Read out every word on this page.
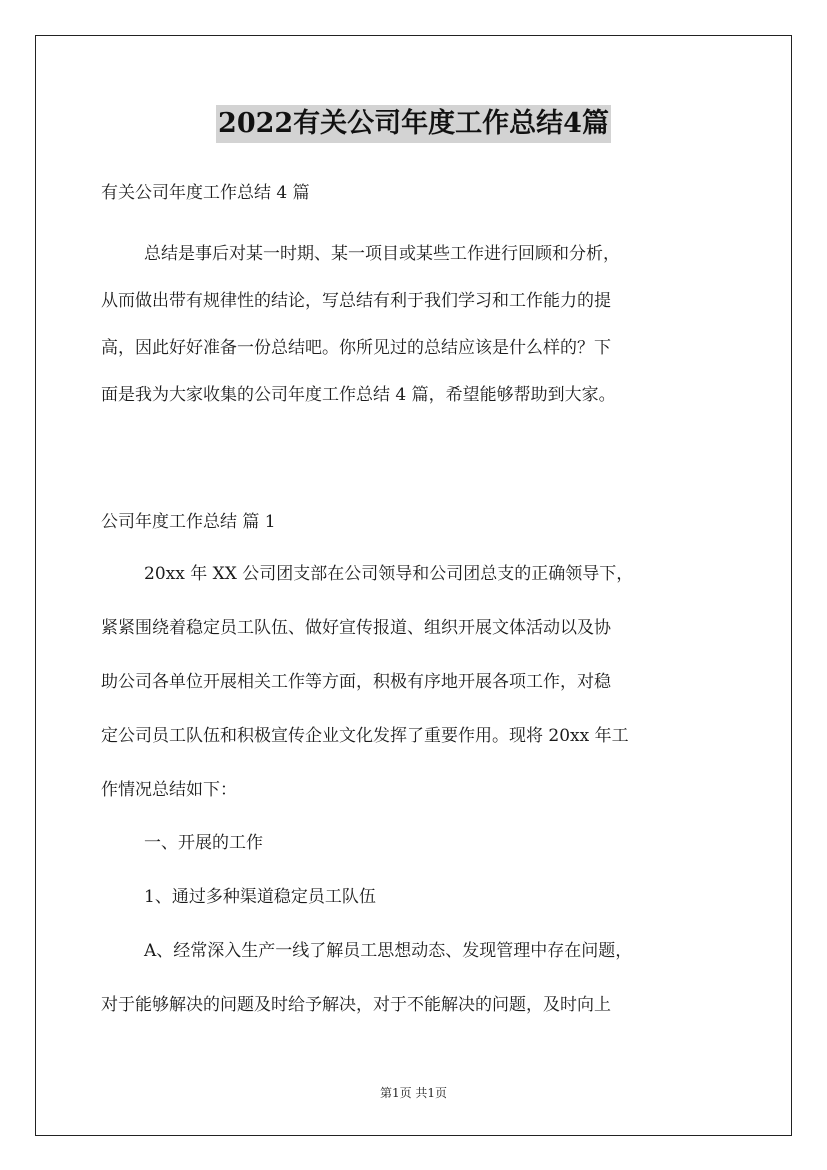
2022有关公司年度工作总结4篇
有关公司年度工作总结 4 篇
总结是事后对某一时期、某一项目或某些工作进行回顾和分析，
从而做出带有规律性的结论，写总结有利于我们学习和工作能力的提
高，因此好好准备一份总结吧。你所见过的总结应该是什么样的？下
面是我为大家收集的公司年度工作总结 4 篇，希望能够帮助到大家。
公司年度工作总结 篇 1
20xx 年 XX 公司团支部在公司领导和公司团总支的正确领导下，
紧紧围绕着稳定员工队伍、做好宣传报道、组织开展文体活动以及协
助公司各单位开展相关工作等方面，积极有序地开展各项工作，对稳
定公司员工队伍和积极宣传企业文化发挥了重要作用。现将 20xx 年工
作情况总结如下：
一、开展的工作
1、通过多种渠道稳定员工队伍
A、经常深入生产一线了解员工思想动态、发现管理中存在问题，
对于能够解决的问题及时给予解决，对于不能解决的问题，及时向上
第1页 共1页
